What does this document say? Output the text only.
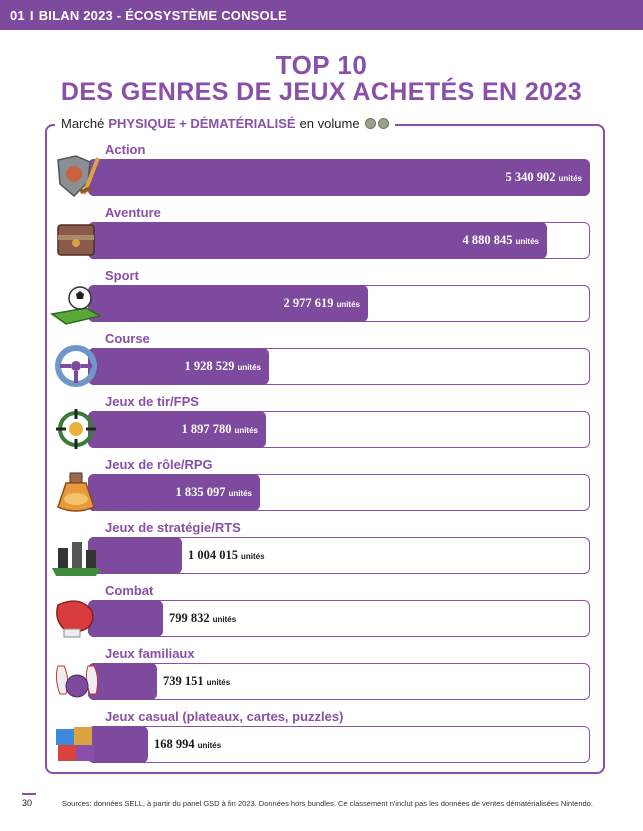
01 I BILAN 2023 - ÉCOSYSTÈME CONSOLE
TOP 10
DES GENRES DE JEUX ACHETÉS EN 2023
Marché PHYSIQUE + DÉMATÉRIALISÉ en volume
Action
5 340 902 unités
Aventure
4 880 845 unités
Sport
2 977 619 unités
Course
1 928 529 unités
Jeux de tir/FPS
1 897 780 unités
Jeux de rôle/RPG
1 835 097 unités
Jeux de stratégie/RTS
1 004 015 unités
Combat
799 832 unités
Jeux familiaux
739 151 unités
Jeux casual (plateaux, cartes, puzzles)
168 994 unités
30	Sources: données SELL, à partir du panel GSD à fin 2023. Données hors bundles. Ce classement n'inclut pas les données de ventes dématérialisées Nintendo.
